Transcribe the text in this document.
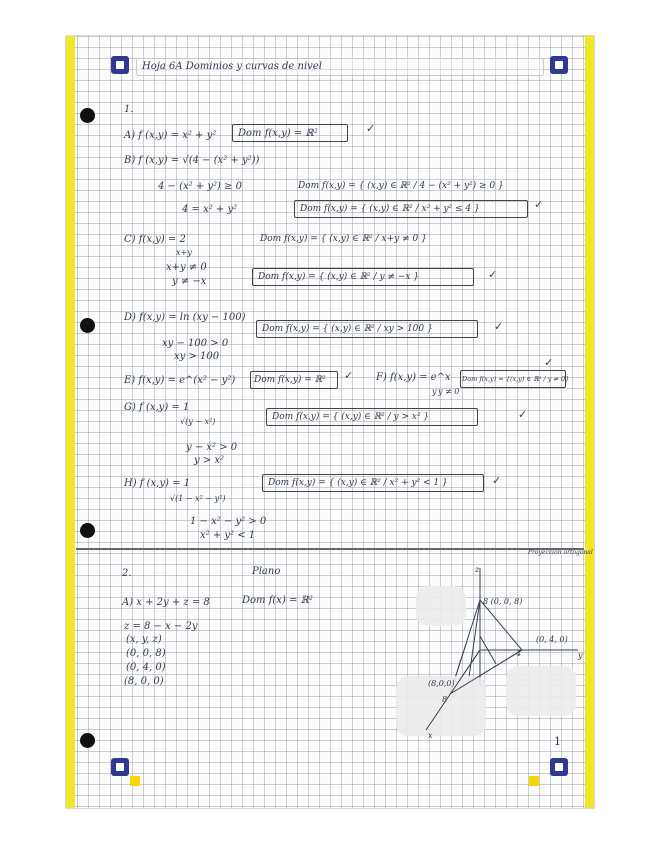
Hoja 6A Dominios y curvas de nivel
1.
A) f (x,y) = x² + y² Dom f(x,y) = ℝ²	✓
B) f (x,y) = √(4 − (x² + y²))
4 − (x² + y²) ≥ 0
4 = x² + y²
Dom f(x,y) = { (x,y) ∈ ℝ² / 4 − (x² + y²) ≥ 0 }
Dom f(x,y) = { (x,y) ∈ ℝ² / x² + y² ≤ 4 }	✓
C) f(x,y) = 2
x+y
x+y ≠ 0
y ≠ −x
Dom f(x,y) = { (x,y) ∈ ℝ² / x+y ≠ 0 }
Dom f(x,y) = { (x,y) ∈ ℝ² / y ≠ −x }	✓
D) f(x,y) = ln (xy − 100)
Dom f(x,y) = { (x,y) ∈ ℝ² / xy > 100 }	✓
xy − 100 > 0
xy > 100
E) f(x,y) = e^(x² − y²) Dom f(x,y) = ℝ² ✓ F) f(x,y) = e^x
y y ≠ 0
Dom f(x,y) = {(x,y) ∈ ℝ² / y ≠ 0}
✓
G) f (x,y) = 1
√(y − x²)	Dom f(x,y) = { (x,y) ∈ ℝ² / y > x² }	✓
y − x² > 0
y > x²
H) f (x,y) = 1
√(1 − x² − y²)
Dom f(x,y) = { (x,y) ∈ ℝ² / x² + y² < 1 }	✓
1 − x² − y² > 0
x² + y² < 1
2.	Plano
Proyección ortogonal
A) x + 2y + z = 8	Dom f(x) = ℝ²
z = 8 − x − 2y
(x, y, z)
(0, 0, 8)
(0, 4, 0)
(8, 0, 0)
z
8 (0, 0, 8)
(0, 4, 0)
4	y
(8,0,0)
8
x	1
